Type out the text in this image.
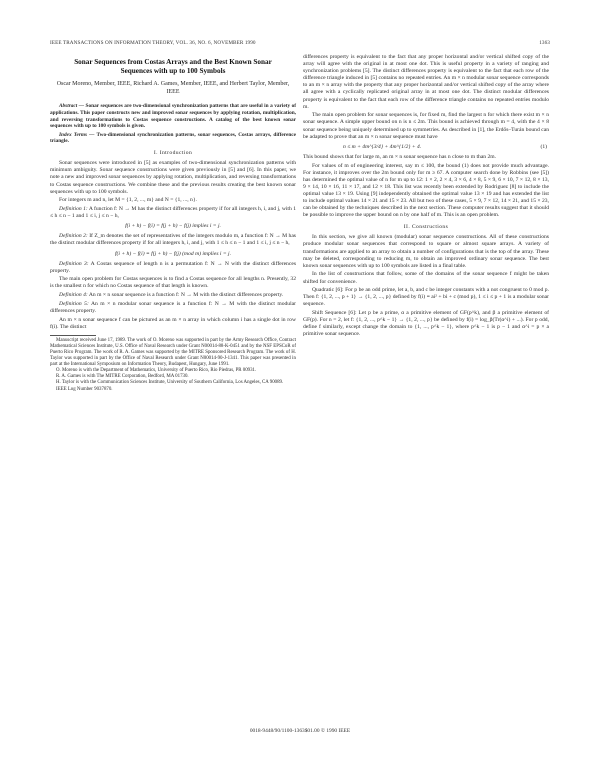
IEEE TRANSACTIONS ON INFORMATION THEORY, VOL. 36, NO. 6, NOVEMBER 1990	1363
Sonar Sequences from Costas Arrays and the Best Known Sonar Sequences with up to 100 Symbols
Oscar Moreno, Member, IEEE, Richard A. Games, Member, IEEE, and Herbert Taylor, Member, IEEE

Abstract — Sonar sequences are two-dimensional synchronization patterns that are useful in a variety of applications. This paper constructs new and improved sonar sequences by applying rotation, multiplication, and reversing transformations to Costas sequence constructions. A catalog of the best known sonar sequences with up to 100 symbols is given.

Index Terms — Two-dimensional synchronization patterns, sonar sequences, Costas arrays, difference triangle.

I. Introduction

Sonar sequences were introduced in [5] as examples of two-dimensional synchronization patterns with minimum ambiguity. Sonar sequence constructions were given previously in [5] and [6]. In this paper, we note a new and improved sonar sequences by applying rotation, multiplication, and reversing transformations to Costas sequence constructions. We combine these and the previous results creating the best known sonar sequences with up to 100 symbols.

For integers m and n, let M = {1, 2, ..., m} and N = {1, ..., n}.

Definition 1: A function f: N → M has the distinct differences property if for all integers h, i, and j, with 1 ≤ h ≤ n − 1 and 1 ≤ i, j ≤ n − h,

f(i + h) − f(i) = f(j + h) − f(j) implies i = j.

Definition 2: If Z_m denotes the set of representatives of the integers modulo m, a function f: N → M has the distinct modular differences property if for all integers h, i, and j, with 1 ≤ h ≤ n − 1 and 1 ≤ i, j ≤ n − h,

f(i + h) − f(i) ≡ f(j + h) − f(j) (mod m) implies i = j.

Definition 3: A Costas sequence of length n is a permutation f: N → N with the distinct differences property.

The main open problem for Costas sequences is to find a Costas sequence for all lengths n. Presently, 32 is the smallest n for which no Costas sequence of that length is known.

Definition 4: An m × n sonar sequence is a function f: N → M with the distinct differences property.

Definition 5: An m × n modular sonar sequence is a function f: N → M with the distinct modular differences property.

An m × n sonar sequence f can be pictured as an m × n array in which column i has a single dot in row f(i). The distinct

Manuscript received June 17, 1989. The work of O. Moreno was supported in part by the Army Research Office, Contract Mathematical Sciences Institute, U.S. Office of Naval Research under Grant N00014-88-K-0451 and by the NSF EPSCoR of Puerto Rico Program. The work of R. A. Games was supported by the MITRE Sponsored Research Program. The work of H. Taylor was supported in part by the Office of Naval Research under Grant N00014-90-J-1341. This paper was presented in part at the International Symposium on Information Theory, Budapest, Hungary, June 1991.

O. Moreno is with the Department of Mathematics, University of Puerto Rico, Rio Piedras, PR 00931.

R. A. Games is with The MITRE Corporation, Bedford, MA 01730.

H. Taylor is with the Communication Sciences Institute, University of Southern California, Los Angeles, CA 90089.

IEEE Log Number 9037870.

differences property is equivalent to the fact that any proper horizontal and/or vertical shifted copy of the array will agree with the original in at most one dot. This is useful property in a variety of ranging and synchronization problems [5]. The distinct differences property is equivalent to the fact that each row of the difference triangle induced in [5] contains no repeated entries. An m × n modular sonar sequence corresponds to an m × n array with the property that any proper horizontal and/or vertical shifted copy of the array where all agree with a cyclically replicated original array in at most one dot. The distinct modular differences property is equivalent to the fact that each row of the difference triangle contains no repeated entries modulo m.

The main open problem for sonar sequences is, for fixed m, find the largest n for which there exist m × n sonar sequence. A simple upper bound on n is n ≤ 2m. This bound is achieved through m = 4, with the 4 × 8 sonar sequence being uniquely determined up to symmetries. As described in [1], the Erdős–Turán bound can be adapted to prove that an m × n sonar sequence must have

n ≤ m + 4m^{3/4} + 4m^{1/2} + 4.	(1)

This bound shows that for large m, an m × n sonar sequence has n close to m than 2m.

For values of m of engineering interest, say m ≤ 100, the bound (1) does not provide much advantage. For instance, it improves over the 2m bound only for m ≥ 67. A computer search done by Robbins (see [5]) has determined the optimal value of n for m up to 12: 1 × 2, 2 × 4, 3 × 6, 4 × 8, 5 × 9, 6 × 10, 7 × 12, 8 × 13, 9 × 14, 10 × 16, 11 × 17, and 12 × 18. This list was recently been extended by Rodriguez [8] to include the optimal value 13 × 19. Using [9] independently obtained the optimal value 13 × 19 and has extended the list to include optimal values 14 × 21 and 15 × 23. All but two of these cases, 5 × 9, 7 × 12, 14 × 21, and 15 × 23, can be obtained by the techniques described in the next section. These computer results suggest that it should be possible to improve the upper bound on n by one half of m. This is an open problem.

II. Constructions

In this section, we give all known (modular) sonar sequence constructions. All of these constructions produce modular sonar sequences that correspond to square or almost square arrays. A variety of transformations are applied to an array to obtain a number of configurations that is the top of the array. These may be deleted, corresponding to reducing m, to obtain an improved ordinary sonar sequence. The best known sonar sequences with up to 100 symbols are listed in a final table.

In the list of constructions that follow, some of the domains of the sonar sequence f might be taken shifted for convenience.

Quadratic [6]: For p be an odd prime, let a, b, and c be integer constants with a not congruent to 0 mod p. Then f: {1, 2, ..., p + 1} → {1, 2, ..., p} defined by f(i) ≡ ai² + bi + c (mod p), 1 ≤ i ≤ p + 1 is a modular sonar sequence.

Shift Sequence [6]: Let p be a prime, α a primitive element of GF(p^k), and β a primitive element of GF(p). For n = 2, let f: {1, 2, ..., p^k − 1} → {1, 2, ..., p} be defined by f(i) = log_β(Tr(α^i) + ...). For p odd, define f similarly, except change the domain to {1, ..., p^k − 1}, where p^k − 1 is p − 1 and α^i = p × a primitive sonar sequence.

0018-9448/90/1100-1363$01.00 © 1990 IEEE
